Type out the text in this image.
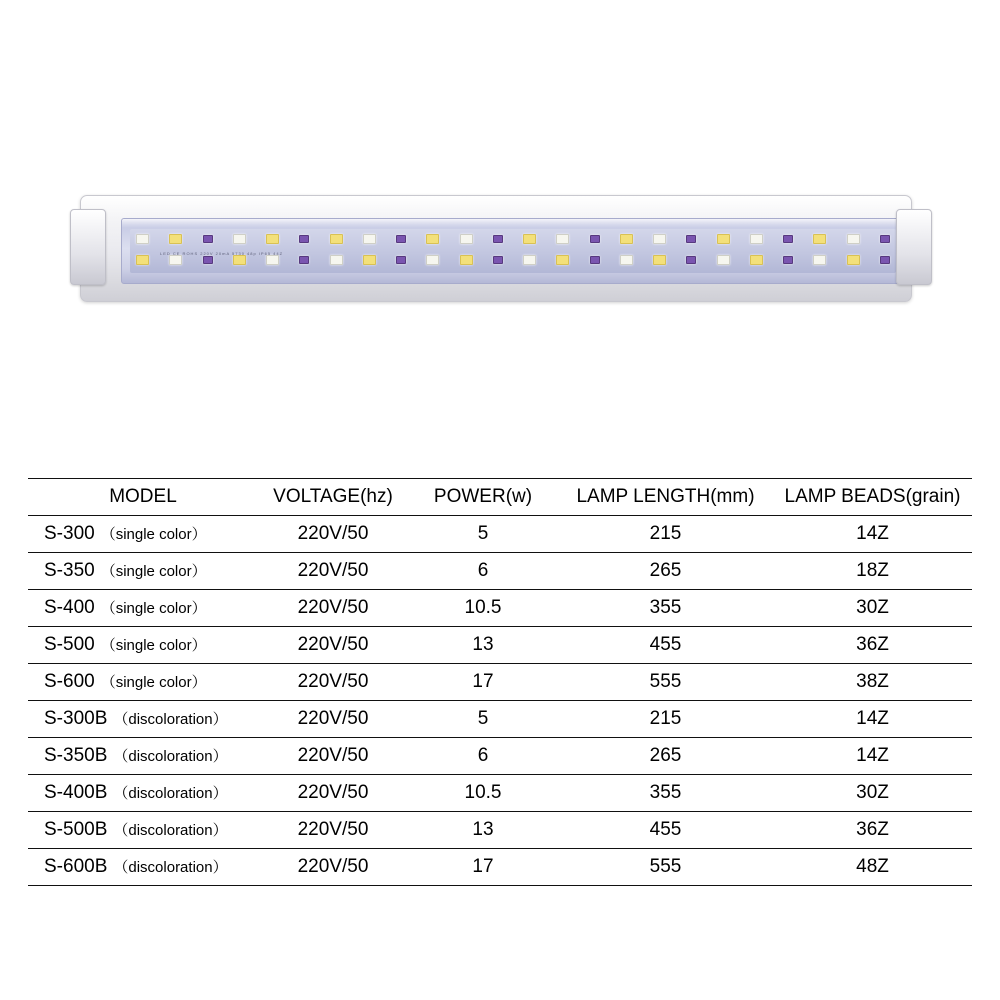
LED CE ROHS 220V 20mA 5730 48p IP65 44Z
MODEL	VOLTAGE(hz)	POWER(w)	LAMP LENGTH(mm)	LAMP BEADS(grain)

S-300 （single color）	220V/50	5	215	14Z

S-350 （single color）	220V/50	6	265	18Z

S-400 （single color）	220V/50	10.5	355	30Z

S-500 （single color）	220V/50	13	455	36Z

S-600 （single color）	220V/50	17	555	38Z

S-300B （discoloration）	220V/50	5	215	14Z

S-350B （discoloration）	220V/50	6	265	14Z

S-400B （discoloration）	220V/50	10.5	355	30Z

S-500B （discoloration）	220V/50	13	455	36Z

S-600B （discoloration）	220V/50	17	555	48Z
